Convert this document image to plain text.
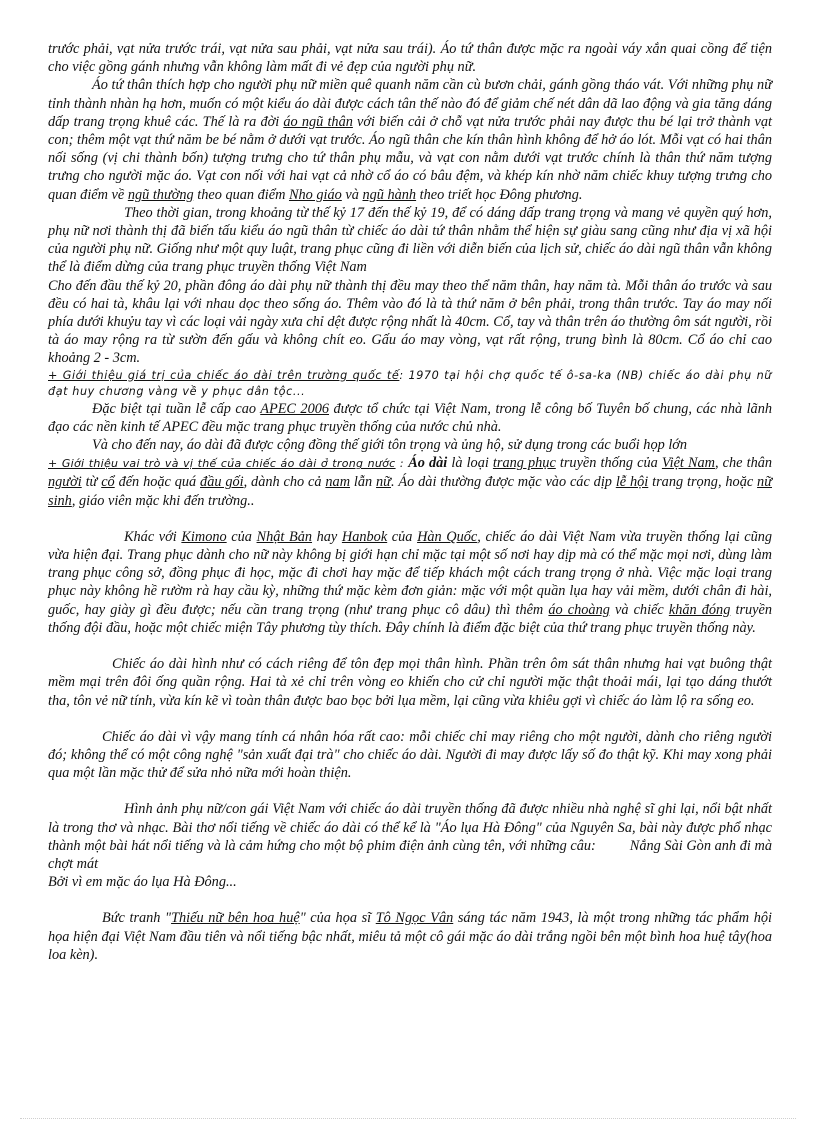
trước phải, vạt nửa trước trái, vạt nửa sau phải, vạt nửa sau trái). Áo tứ thân được mặc ra ngoài váy xắn quai cồng để tiện cho việc gồng gánh nhưng vẫn không làm mất đi vẻ đẹp của người phụ nữ.

Áo tứ thân thích hợp cho người phụ nữ miền quê quanh năm cần cù bươn chải, gánh gồng tháo vát. Với những phụ nữ tỉnh thành nhàn hạ hơn, muốn có một kiểu áo dài được cách tân thế nào đó để giảm chế nét dân dã lao động và gia tăng dáng dấp trang trọng khuê các. Thế là ra đời áo ngũ thân với biến cải ở chỗ vạt nửa trước phải nay được thu bé lại trở thành vạt con; thêm một vạt thứ năm be bé nằm ở dưới vạt trước. Áo ngũ thân che kín thân hình không để hở áo lót. Mỗi vạt có hai thân nối sống (vị chi thành bốn) tượng trưng cho tứ thân phụ mẫu, và vạt con nằm dưới vạt trước chính là thân thứ năm tượng trưng cho người mặc áo. Vạt con nối với hai vạt cả nhờ cổ áo có bâu đệm, và khép kín nhờ năm chiếc khuy tượng trưng cho quan điểm về ngũ thường theo quan điểm Nho giáo và ngũ hành theo triết học Đông phương.

Theo thời gian, trong khoảng từ thế kỷ 17 đến thế kỷ 19, để có dáng dấp trang trọng và mang vẻ quyền quý hơn, phụ nữ nơi thành thị đã biến tấu kiểu áo ngũ thân từ chiếc áo dài tứ thân nhằm thể hiện sự giàu sang cũng như địa vị xã hội của người phụ nữ. Giống như một quy luật, trang phục cũng đi liền với diễn biến của lịch sử, chiếc áo dài ngũ thân vẫn không thể là điểm dừng của trang phục truyền thống Việt Nam

Cho đến đầu thế kỷ 20, phần đông áo dài phụ nữ thành thị đều may theo thể năm thân, hay năm tà. Mỗi thân áo trước và sau đều có hai tà, khâu lại với nhau dọc theo sống áo. Thêm vào đó là tà thứ năm ở bên phải, trong thân trước. Tay áo may nối phía dưới khuỷu tay vì các loại vải ngày xưa chỉ dệt được rộng nhất là 40cm. Cổ, tay và thân trên áo thường ôm sát người, rồi tà áo may rộng ra từ sườn đến gấu và không chít eo. Gấu áo may vòng, vạt rất rộng, trung bình là 80cm. Cổ áo chỉ cao khoảng 2 - 3cm.

+ Giới thiệu giá trị của chiếc áo dài trên trường quốc tế: 1970 tại hội chợ quốc tế ô-sa-ka (NB) chiếc áo dài phụ nữ đạt huy chương vàng về y phục dân tộc...

Đặc biệt tại tuần lễ cấp cao APEC 2006 được tổ chức tại Việt Nam, trong lễ công bố Tuyên bố chung, các nhà lãnh đạo các nền kinh tế APEC đều mặc trang phục truyền thống của nước chủ nhà.

Và cho đến nay, áo dài đã được cộng đồng thế giới tôn trọng và ủng hộ, sử dụng trong các buổi họp lớn
+ Giới thiệu vai trò và vị thế của chiếc áo dài ở trong nước : Áo dài là loại trang phục truyền thống của Việt Nam, che thân người từ cổ đến hoặc quá đầu gối, dành cho cả nam lẫn nữ. Áo dài thường được mặc vào các dịp lễ hội trang trọng, hoặc nữ sinh, giáo viên mặc khi đến trường..

Khác với Kimono của Nhật Bản hay Hanbok của Hàn Quốc, chiếc áo dài Việt Nam vừa truyền thống lại cũng vừa hiện đại. Trang phục dành cho nữ này không bị giới hạn chỉ mặc tại một số nơi hay dịp mà có thể mặc mọi nơi, dùng làm trang phục công sở, đồng phục đi học, mặc đi chơi hay mặc để tiếp khách một cách trang trọng ở nhà. Việc mặc loại trang phục này không hề rườm rà hay cầu kỳ, những thứ mặc kèm đơn giản: mặc với một quần lụa hay vải mềm, dưới chân đi hài, guốc, hay giày gì đều được; nếu cần trang trọng (như trang phục cô dâu) thì thêm áo choàng và chiếc khăn đóng truyền thống đội đầu, hoặc một chiếc miện Tây phương tùy thích. Đây chính là điểm đặc biệt của thứ trang phục truyền thống này.

Chiếc áo dài hình như có cách riêng để tôn đẹp mọi thân hình. Phần trên ôm sát thân nhưng hai vạt buông thật mềm mại trên đôi ống quần rộng. Hai tà xẻ chỉ trên vòng eo khiến cho cử chỉ người mặc thật thoải mái, lại tạo dáng thướt tha, tôn vẻ nữ tính, vừa kín kẽ vì toàn thân được bao bọc bởi lụa mềm, lại cũng vừa khiêu gợi vì chiếc áo làm lộ ra sống eo.

Chiếc áo dài vì vậy mang tính cá nhân hóa rất cao: mỗi chiếc chỉ may riêng cho một người, dành cho riêng người đó; không thể có một công nghệ "sản xuất đại trà" cho chiếc áo dài. Người đi may được lấy số đo thật kỹ. Khi may xong phải qua một lần mặc thử để sửa nhỏ nữa mới hoàn thiện.

Hình ảnh phụ nữ/con gái Việt Nam với chiếc áo dài truyền thống đã được nhiều nhà nghệ sĩ ghi lại, nổi bật nhất là trong thơ và nhạc. Bài thơ nổi tiếng về chiếc áo dài có thể kể là "Áo lụa Hà Đông" của Nguyên Sa, bài này được phổ nhạc thành một bài hát nổi tiếng và là cảm hứng cho một bộ phim điện ảnh cùng tên, với những câu: Nắng Sài Gòn anh đi mà chợt mát

Bởi vì em mặc áo lụa Hà Đông...

Bức tranh "Thiếu nữ bên hoa huệ" của họa sĩ Tô Ngọc Vân sáng tác năm 1943, là một trong những tác phẩm hội họa hiện đại Việt Nam đầu tiên và nổi tiếng bậc nhất, miêu tả một cô gái mặc áo dài trắng ngồi bên một bình hoa huệ tây(hoa loa kèn).
